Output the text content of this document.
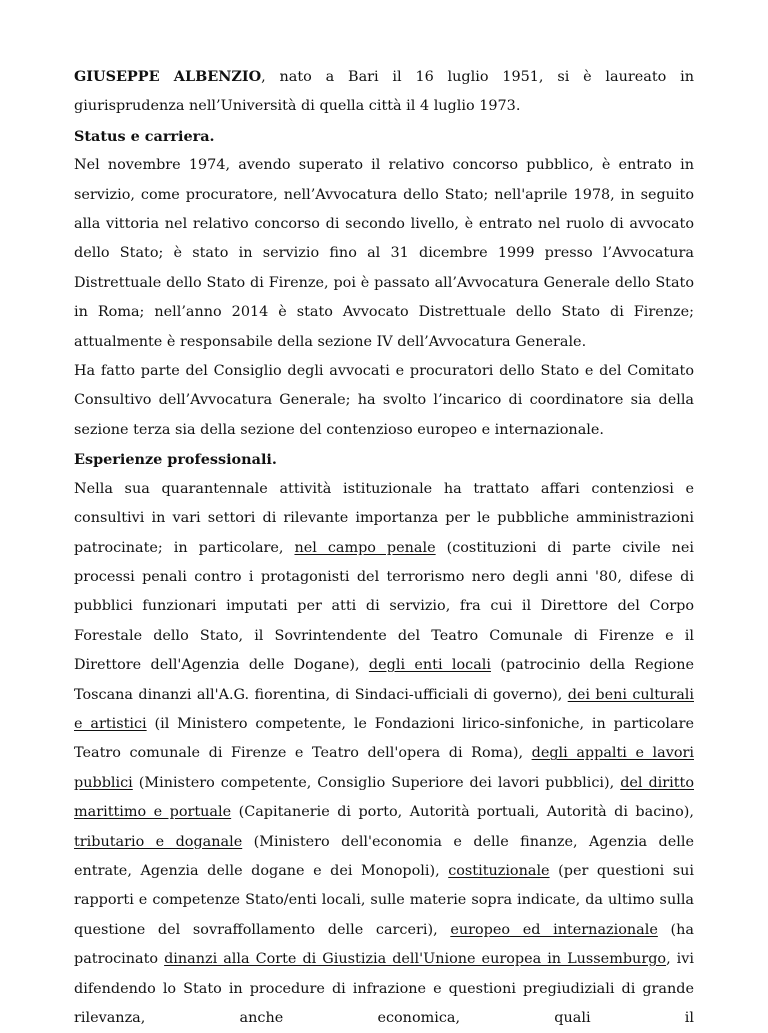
GIUSEPPE ALBENZIO, nato a Bari il 16 luglio 1951, si è laureato in giurisprudenza nell’Università di quella città il 4 luglio 1973.

Status e carriera.

Nel novembre 1974, avendo superato il relativo concorso pubblico, è entrato in servizio, come procuratore, nell’Avvocatura dello Stato; nell'aprile 1978, in seguito alla vittoria nel relativo concorso di secondo livello, è entrato nel ruolo di avvocato dello Stato; è stato in servizio fino al 31 dicembre 1999 presso l’Avvocatura Distrettuale dello Stato di Firenze, poi è passato all’Avvocatura Generale dello Stato in Roma; nell’anno 2014 è stato Avvocato Distrettuale dello Stato di Firenze; attualmente è responsabile della sezione IV dell’Avvocatura Generale.

Ha fatto parte del Consiglio degli avvocati e procuratori dello Stato e del Comitato Consultivo dell’Avvocatura Generale; ha svolto l’incarico di coordinatore sia della sezione terza sia della sezione del contenzioso europeo e internazionale.

Esperienze professionali.

Nella sua quarantennale attività istituzionale ha trattato affari contenziosi e consultivi in vari settori di rilevante importanza per le pubbliche amministrazioni patrocinate; in particolare, nel campo penale (costituzioni di parte civile nei processi penali contro i protagonisti del terrorismo nero degli anni '80, difese di pubblici funzionari imputati per atti di servizio, fra cui il Direttore del Corpo Forestale dello Stato, il Sovrintendente del Teatro Comunale di Firenze e il Direttore dell'Agenzia delle Dogane), degli enti locali (patrocinio della Regione Toscana dinanzi all'A.G. fiorentina, di Sindaci-ufficiali di governo), dei beni culturali e artistici (il Ministero competente, le Fondazioni lirico-sinfoniche, in particolare Teatro comunale di Firenze e Teatro dell'opera di Roma), degli appalti e lavori pubblici (Ministero competente, Consiglio Superiore dei lavori pubblici), del diritto marittimo e portuale (Capitanerie di porto, Autorità portuali, Autorità di bacino), tributario e doganale (Ministero dell'economia e delle finanze, Agenzia delle entrate, Agenzia delle dogane e dei Monopoli), costituzionale (per questioni sui rapporti e competenze Stato/enti locali, sulle materie sopra indicate, da ultimo sulla questione del sovraffollamento delle carceri), europeo ed internazionale (ha patrocinato dinanzi alla Corte di Giustizia dell'Unione europea in Lussemburgo, ivi difendendo lo Stato in procedure di infrazione e questioni pregiudiziali di grande rilevanza, anche economica, quali il
